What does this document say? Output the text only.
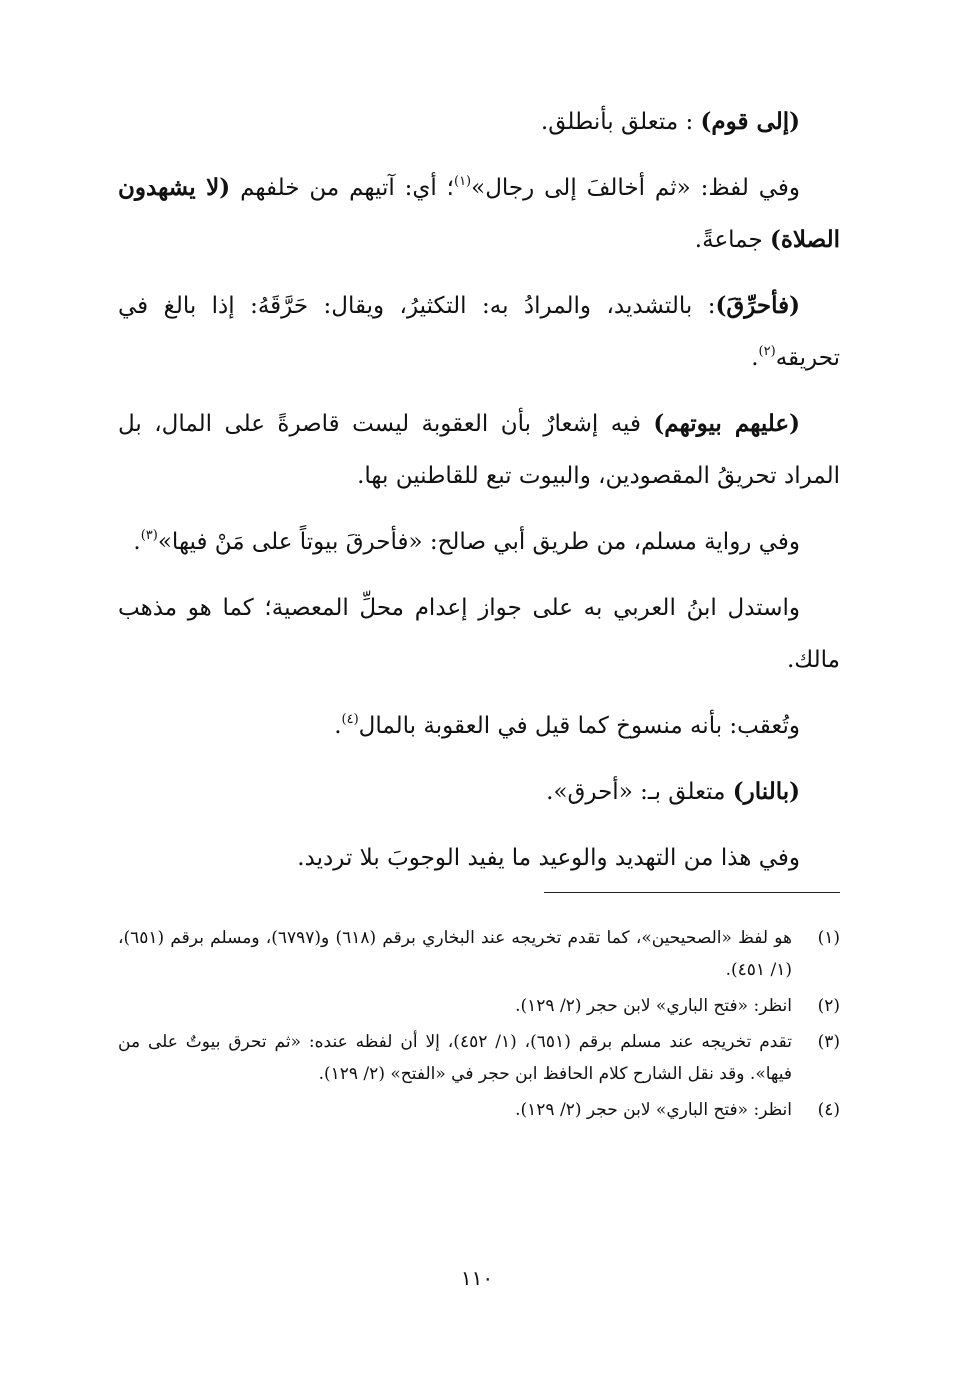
(إلى قوم) : متعلق بأنطلق.

وفي لفظ: «ثم أخالفَ إلى رجال»$^{(١)}$؛ أي: آتيهم من خلفهم (لا يشهدون الصلاة) جماعةً.

(فأحرِّقَ): بالتشديد، والمرادُ به: التكثيرُ، ويقال: حَرَّقَهُ: إذا بالغ في تحريقه$^{(٢)}$.

(عليهم بيوتهم) فيه إشعارٌ بأن العقوبة ليست قاصرةً على المال، بل المراد تحريقُ المقصودين، والبيوت تبع للقاطنين بها.

وفي رواية مسلم، من طريق أبي صالح: «فأحرقَ بيوتاً على مَنْ فيها»$^{(٣)}$.

واستدل ابنُ العربي به على جواز إعدام محلِّ المعصية؛ كما هو مذهب مالك.

وتُعقب: بأنه منسوخ كما قيل في العقوبة بالمال$^{(٤)}$.

(بالنار) متعلق بـ: «أحرق».

وفي هذا من التهديد والوعيد ما يفيد الوجوبَ بلا ترديد.

(١)
هو لفظ «الصحيحين»، كما تقدم تخريجه عند البخاري برقم (٦١٨) و(٦٧٩٧)، ومسلم برقم (٦٥١)، (١/ ٤٥١).
(٢)
انظر: «فتح الباري» لابن حجر (٢/ ١٢٩).
(٣)
تقدم تخريجه عند مسلم برقم (٦٥١)، (١/ ٤٥٢)، إلا أن لفظه عنده: «ثم تحرق بيوتٌ على من فيها». وقد نقل الشارح كلام الحافظ ابن حجر في «الفتح» (٢/ ١٢٩).
(٤)
انظر: «فتح الباري» لابن حجر (٢/ ١٢٩).
١١٠
